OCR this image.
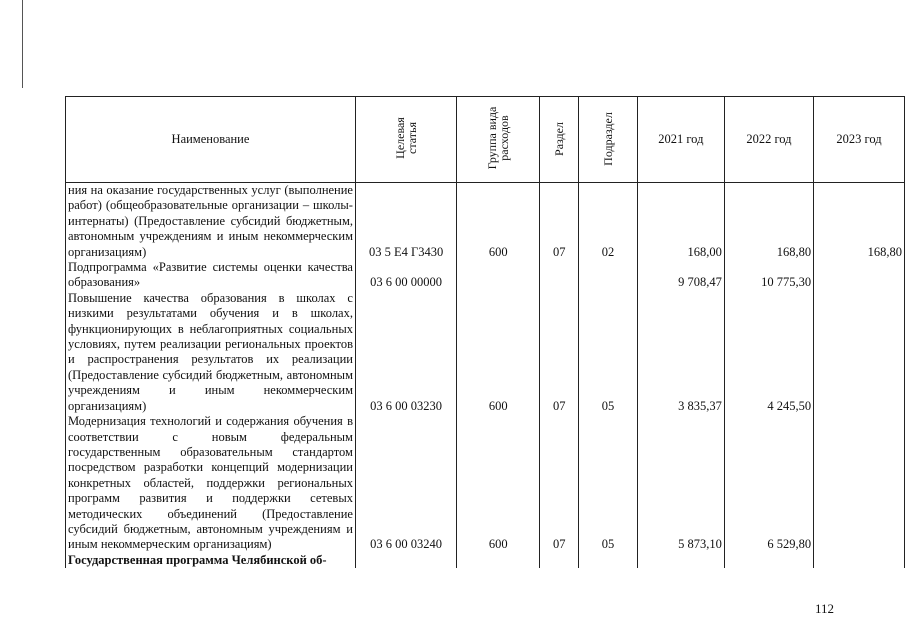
Наименование	Целевая статья	Группа вида расходов	Раздел	Подраздел	2021 год	2022 год	2023 год
ния на оказание государственных услуг (выполнение работ) (общеобразовательные организации – школы-интернаты) (Предоставление субсидий бюджетным, автономным учреждениям и иным некоммерческим организациям)	03 5 Е4 Г3430	600	07	02	168,00	168,80	168,80
Подпрограмма «Развитие системы оценки качества образования»	03 6 00 00000				9 708,47	10 775,30	
Повышение качества образования в школах с низкими результатами обучения и в школах, функционирующих в неблагоприятных социальных условиях, путем реализации региональных проектов и распространения результатов их реализации (Предоставление субсидий бюджетным, автономным учреждениям и иным некоммерческим организациям)	03 6 00 03230	600	07	05	3 835,37	4 245,50	
Модернизация технологий и содержания обучения в соответствии с новым федеральным государственным образовательным стандартом посредством разработки концепций модернизации конкретных областей, поддержки региональных программ развития и поддержки сетевых методических объединений (Предоставление субсидий бюджетным, автономным учреждениям и иным некоммерческим организациям)	03 6 00 03240	600	07	05	5 873,10	6 529,80	
Государственная программа Челябинской об-							
112
